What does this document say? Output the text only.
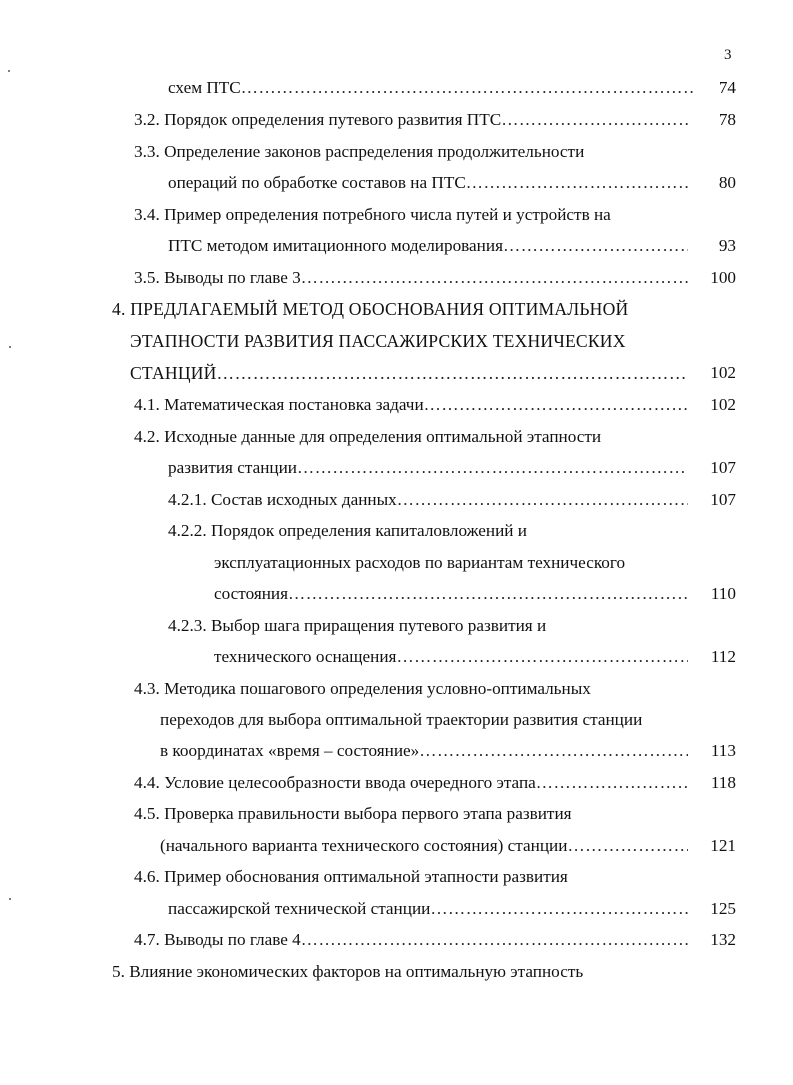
3
схем ПТС …………………………………………………………………………………………………………………………………	74
3.2. Порядок определения путевого развития ПТС …………………………………………………………………………………………………………………………………	78
3.3. Определение законов распределения продолжительности
операций по обработке составов на ПТС …………………………………………………………………………………………………………………………………	80
3.4. Пример определения потребного числа путей и устройств на
ПТС методом имитационного моделирования …………………………………………………………………………………………………………………………………	93
3.5. Выводы по главе 3 …………………………………………………………………………………………………………………………………	100
4. ПРЕДЛАГАЕМЫЙ МЕТОД ОБОСНОВАНИЯ ОПТИМАЛЬНОЙ
ЭТАПНОСТИ РАЗВИТИЯ ПАССАЖИРСКИХ ТЕХНИЧЕСКИХ
СТАНЦИЙ …………………………………………………………………………………………………………………………………	102
4.1. Математическая постановка задачи …………………………………………………………………………………………………………………………………	102
4.2. Исходные данные для определения оптимальной этапности
развития станции …………………………………………………………………………………………………………………………………	107
4.2.1. Состав исходных данных …………………………………………………………………………………………………………………………………	107
4.2.2. Порядок определения капиталовложений и
эксплуатационных расходов по вариантам технического
состояния …………………………………………………………………………………………………………………………………	110
4.2.3. Выбор шага приращения путевого развития и
технического оснащения …………………………………………………………………………………………………………………………………	112
4.3. Методика пошагового определения условно-оптимальных
переходов для выбора оптимальной траектории развития станции
в координатах «время – состояние» …………………………………………………………………………………………………………………………………	113
4.4. Условие целесообразности ввода очередного этапа …………………………………………………………………………………………………………………………………	118
4.5. Проверка правильности выбора первого этапа развития
(начального варианта технического состояния) станции …………………………………………………………………………………………………………………………………	121
4.6. Пример обоснования оптимальной этапности развития
пассажирской технической станции …………………………………………………………………………………………………………………………………	125
4.7. Выводы по главе 4 …………………………………………………………………………………………………………………………………	132
5. Влияние экономических факторов на оптимальную этапность
